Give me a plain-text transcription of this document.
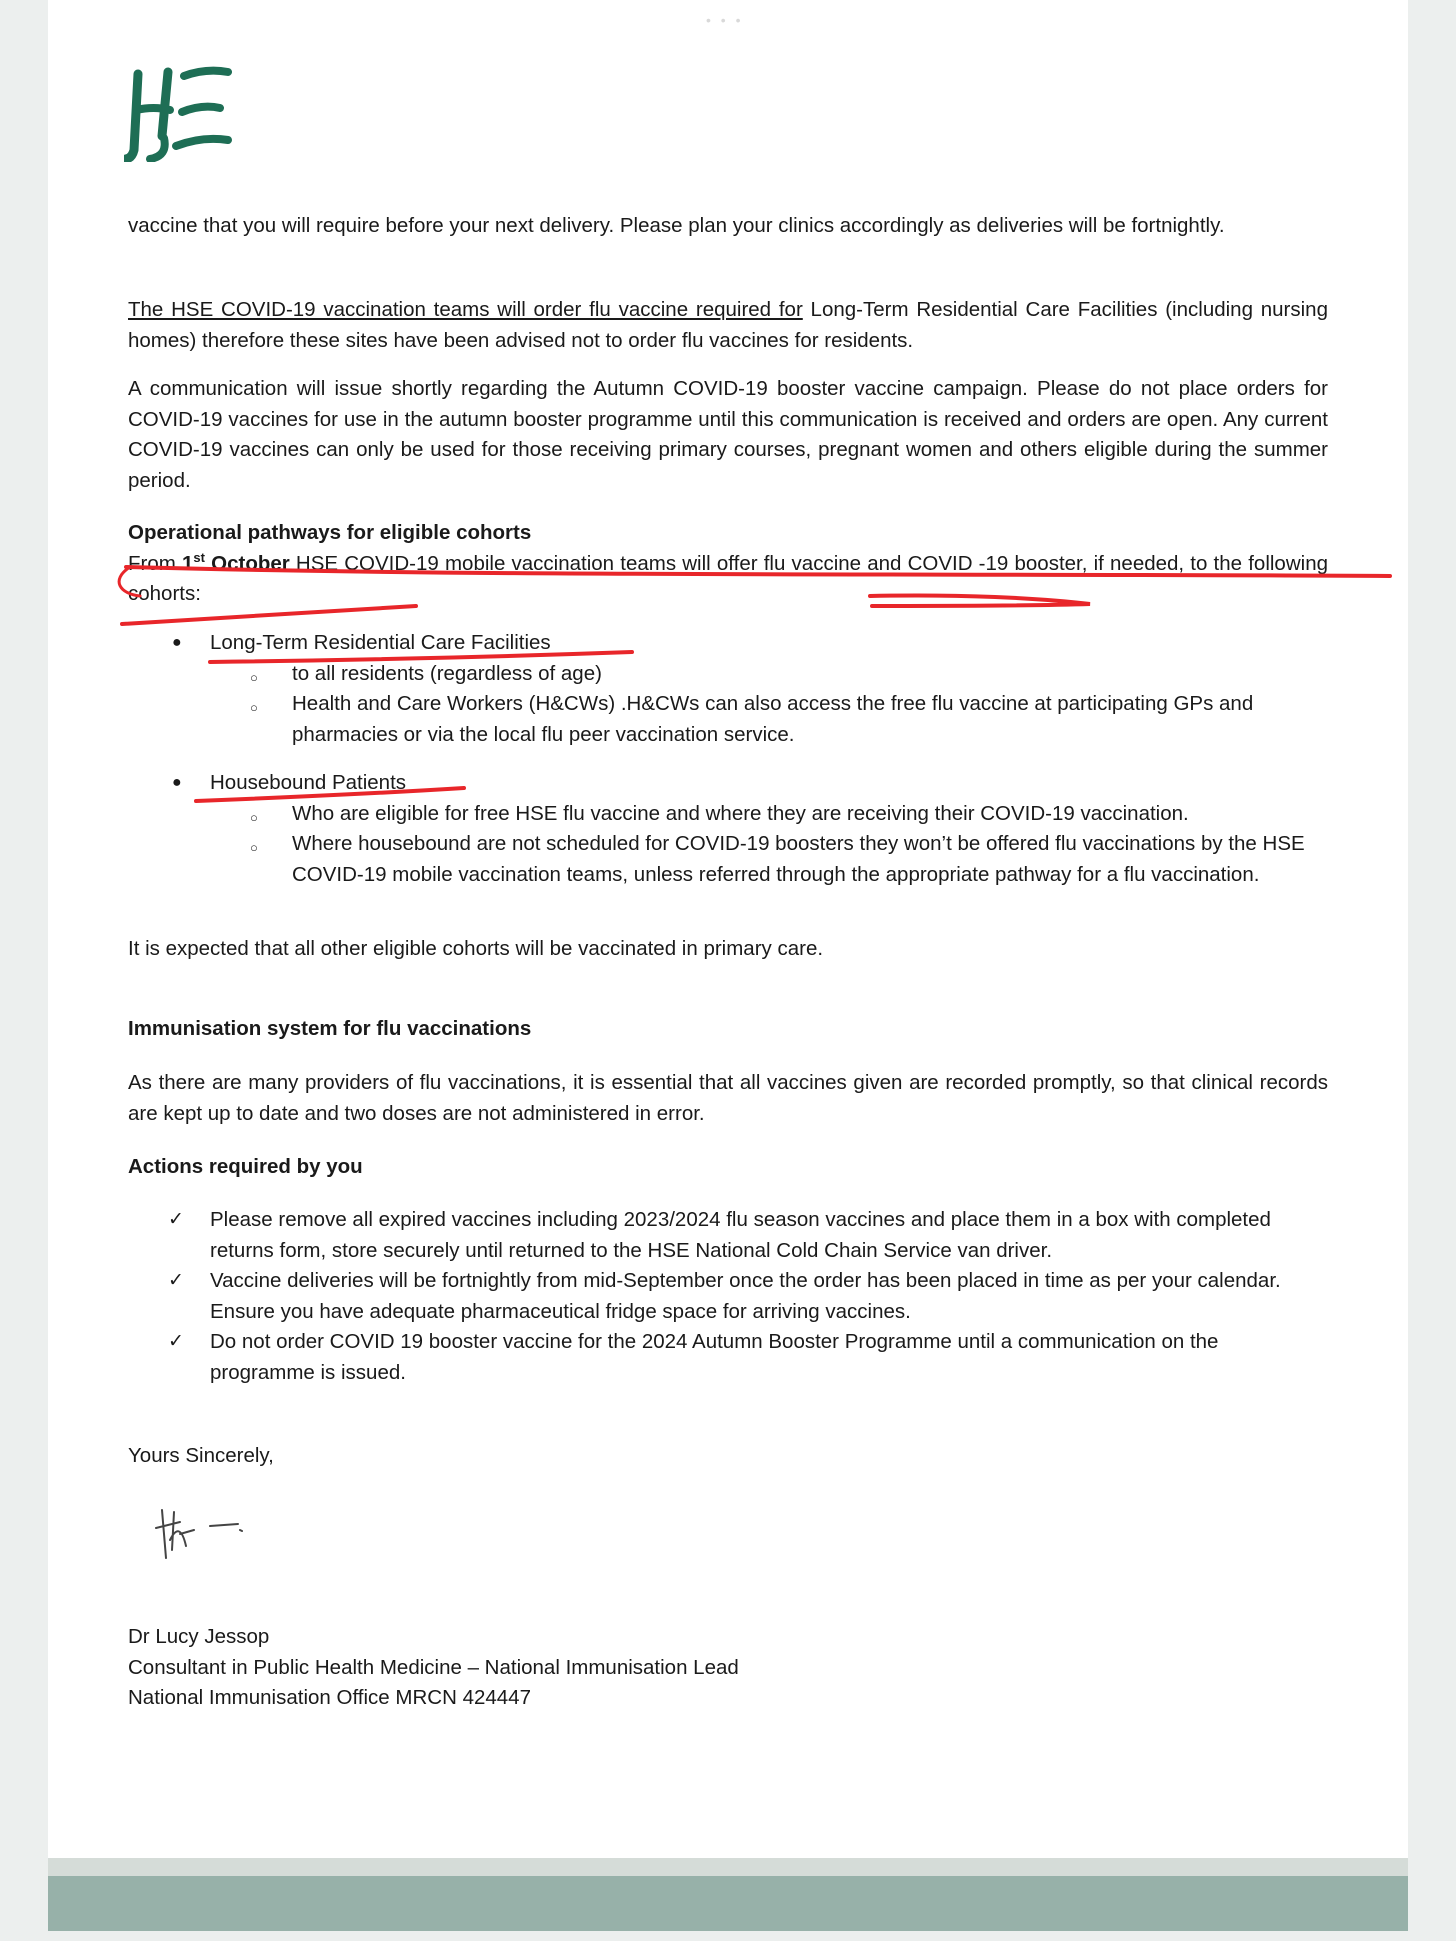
• • •

vaccine that you will require before your next delivery. Please plan your clinics accordingly as deliveries will be fortnightly.

The HSE COVID-19 vaccination teams will order flu vaccine required for Long-Term Residential Care Facilities (including nursing homes) therefore these sites have been advised not to order flu vaccines for residents.

A communication will issue shortly regarding the Autumn COVID-19 booster vaccine campaign. Please do not place orders for COVID-19 vaccines for use in the autumn booster programme until this communication is received and orders are open. Any current COVID-19 vaccines can only be used for those receiving primary courses, pregnant women and others eligible during the summer period.

Operational pathways for eligible cohorts

From 1st October HSE COVID-19 mobile vaccination teams will offer flu vaccine and COVID -19 booster, if needed, to the following cohorts:

● Long-Term Residential Care Facilities
○ to all residents (regardless of age)
○ Health and Care Workers (H&CWs) .H&CWs can also access the free flu vaccine at participating GPs and pharmacies or via the local flu peer vaccination service.
● Housebound Patients
○ Who are eligible for free HSE flu vaccine and where they are receiving their COVID-19 vaccination.
○ Where housebound are not scheduled for COVID-19 boosters they won’t be offered flu vaccinations by the HSE COVID-19 mobile vaccination teams, unless referred through the appropriate pathway for a flu vaccination.

It is expected that all other eligible cohorts will be vaccinated in primary care.

Immunisation system for flu vaccinations

As there are many providers of flu vaccinations, it is essential that all vaccines given are recorded promptly, so that clinical records are kept up to date and two doses are not administered in error.

Actions required by you

✓ Please remove all expired vaccines including 2023/2024 flu season vaccines and place them in a box with completed returns form, store securely until returned to the HSE National Cold Chain Service van driver.
✓ Vaccine deliveries will be fortnightly from mid-September once the order has been placed in time as per your calendar. Ensure you have adequate pharmaceutical fridge space for arriving vaccines.
✓ Do not order COVID 19 booster vaccine for the 2024 Autumn Booster Programme until a communication on the programme is issued.

Yours Sincerely,

Dr Lucy Jessop

Consultant in Public Health Medicine – National Immunisation Lead

National Immunisation Office MRCN 424447
